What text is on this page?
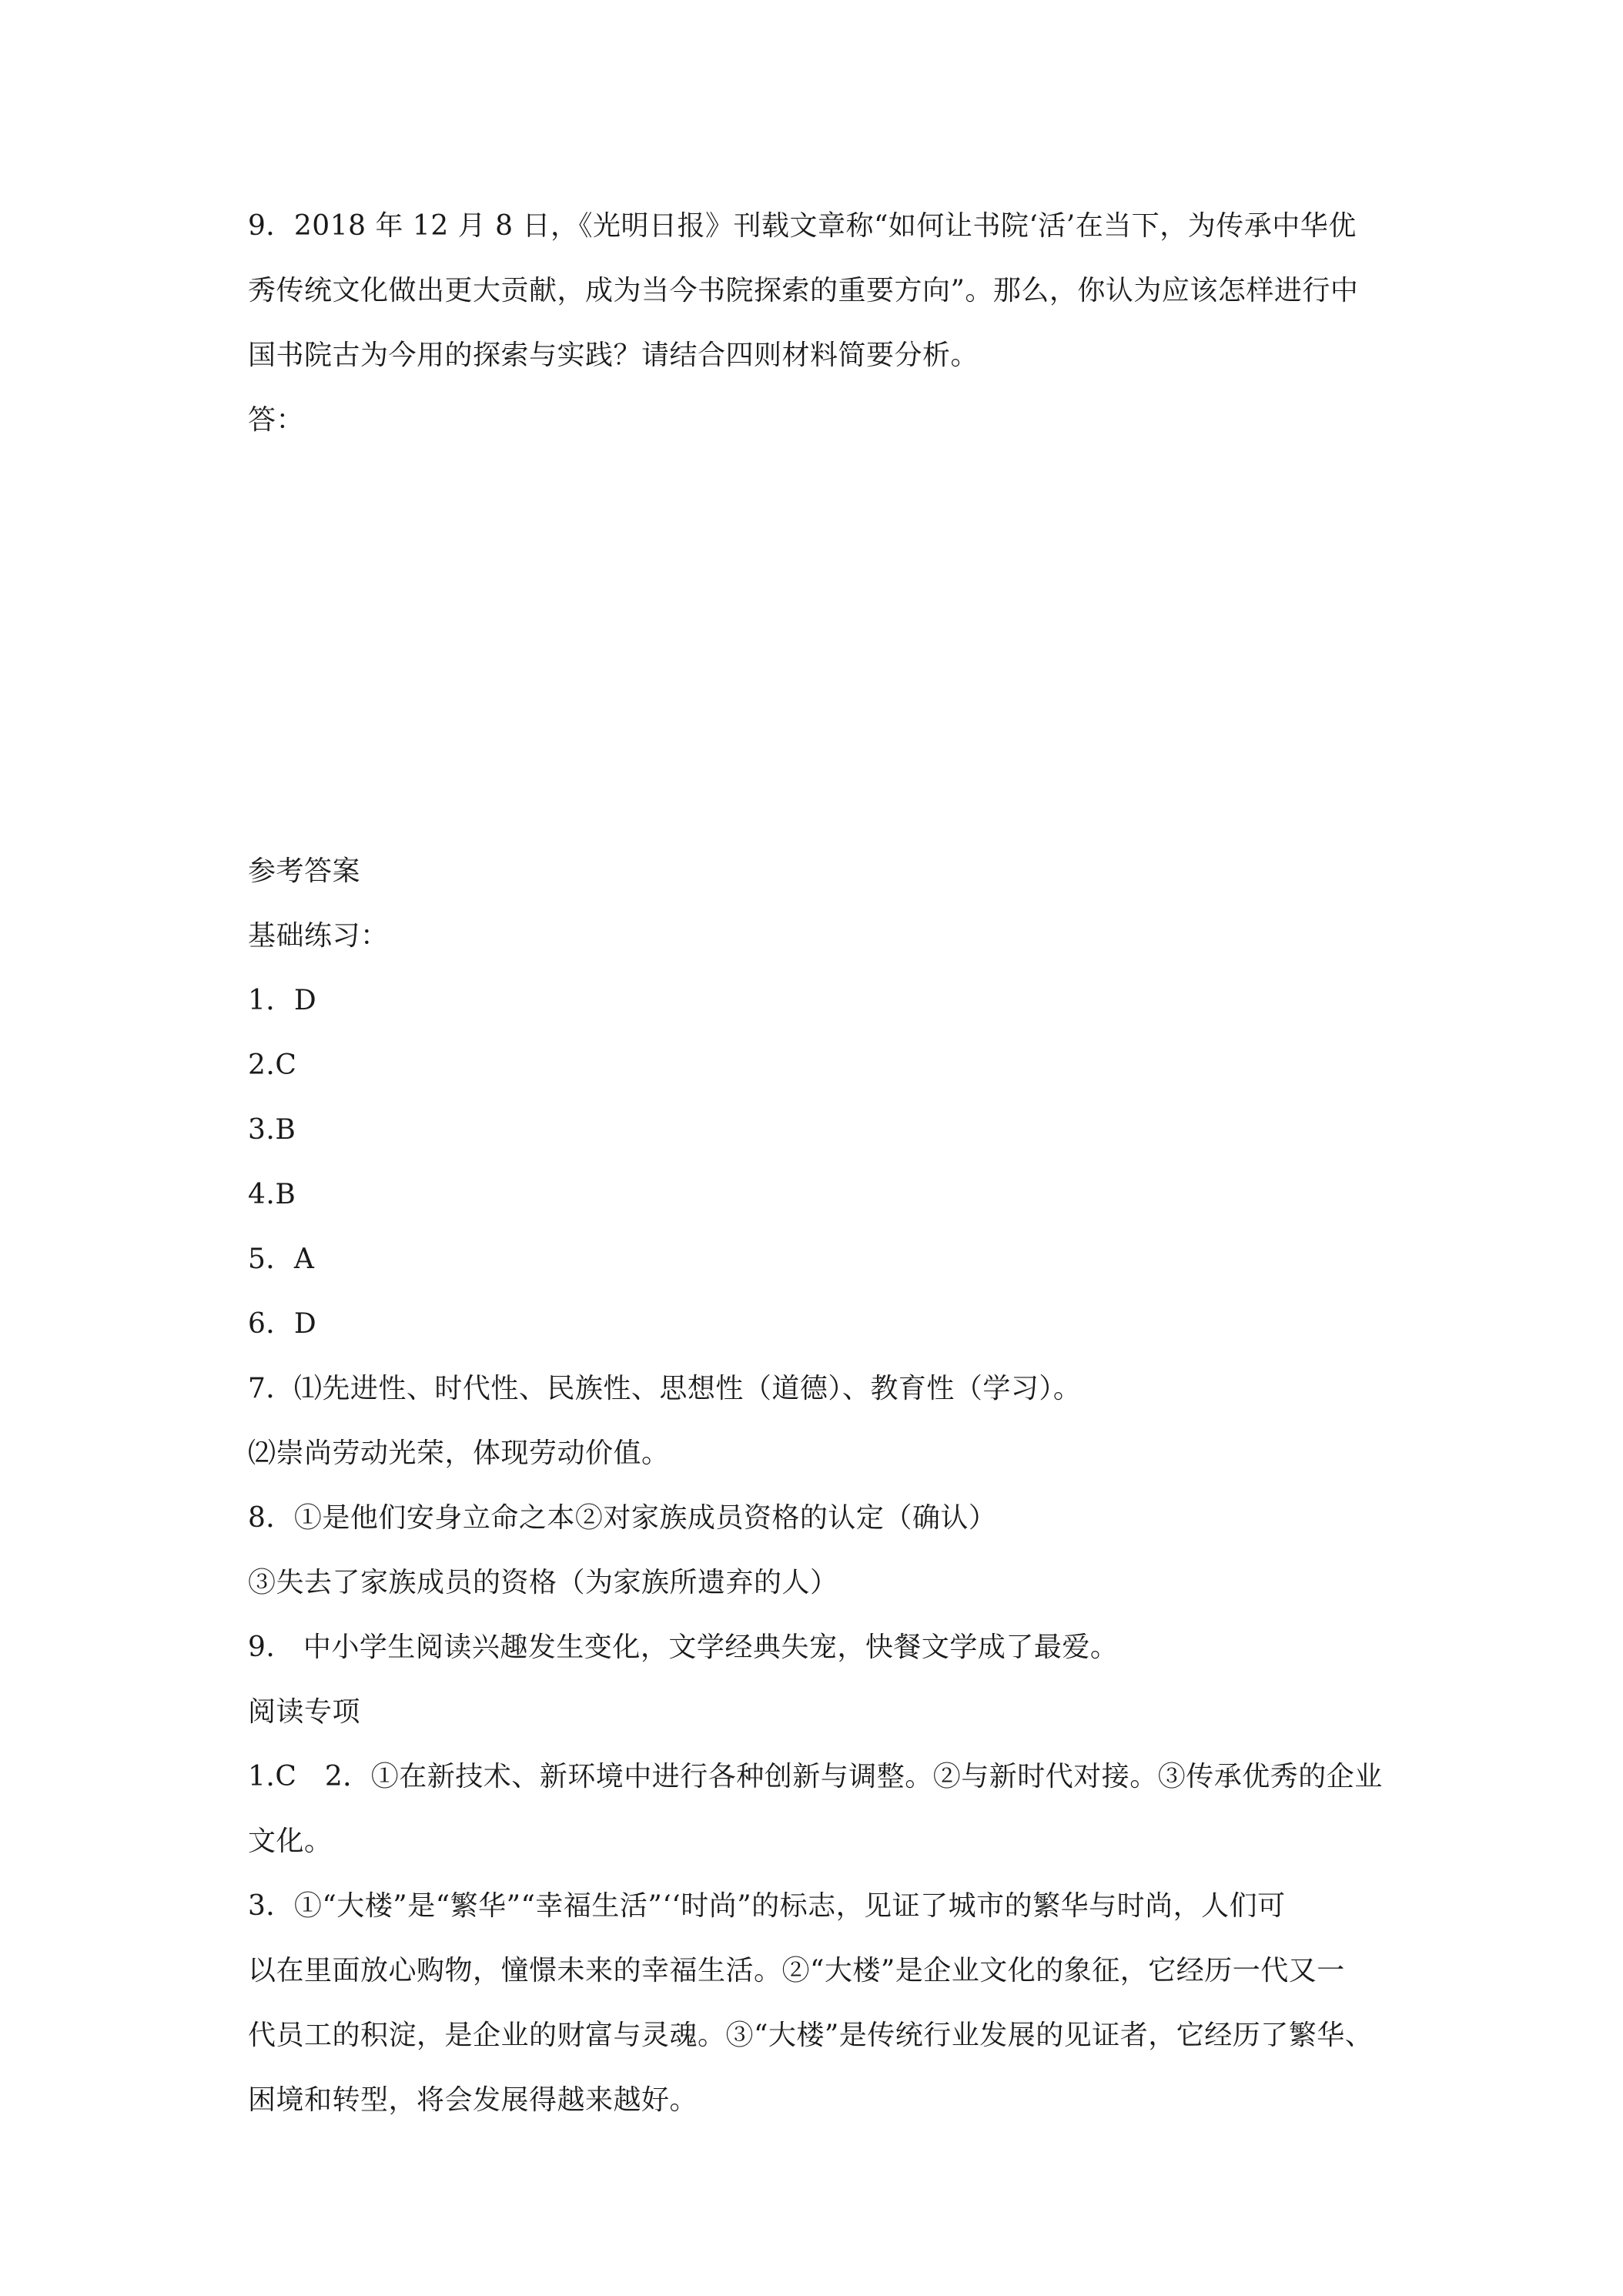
9．2018 年 12 月 8 日，《光明日报》刊载文章称“如何让书院‘活’在当下，为传承中华优
秀传统文化做出更大贡献，成为当今书院探索的重要方向”。那么，你认为应该怎样进行中
国书院古为今用的探索与实践？请结合四则材料简要分析。
答：
参考答案
基础练习：
1．D
2.C
3.B
4.B
5．A
6．D
7．⑴先进性、时代性、民族性、思想性（道德）、教育性（学习）。
⑵崇尚劳动光荣，体现劳动价值。
8．①是他们安身立命之本②对家族成员资格的认定（确认）
③失去了家族成员的资格（为家族所遗弃的人）
9.　中小学生阅读兴趣发生变化，文学经典失宠，快餐文学成了最爱。
阅读专项
1.C　2．①在新技术、新环境中进行各种创新与调整。②与新时代对接。③传承优秀的企业
文化。
3．①“大楼”是“繁华”“幸福生活”‘‘时尚”的标志，见证了城市的繁华与时尚，人们可
以在里面放心购物，憧憬未来的幸福生活。②“大楼”是企业文化的象征，它经历一代又一
代员工的积淀，是企业的财富与灵魂。③“大楼”是传统行业发展的见证者，它经历了繁华、
困境和转型，将会发展得越来越好。
